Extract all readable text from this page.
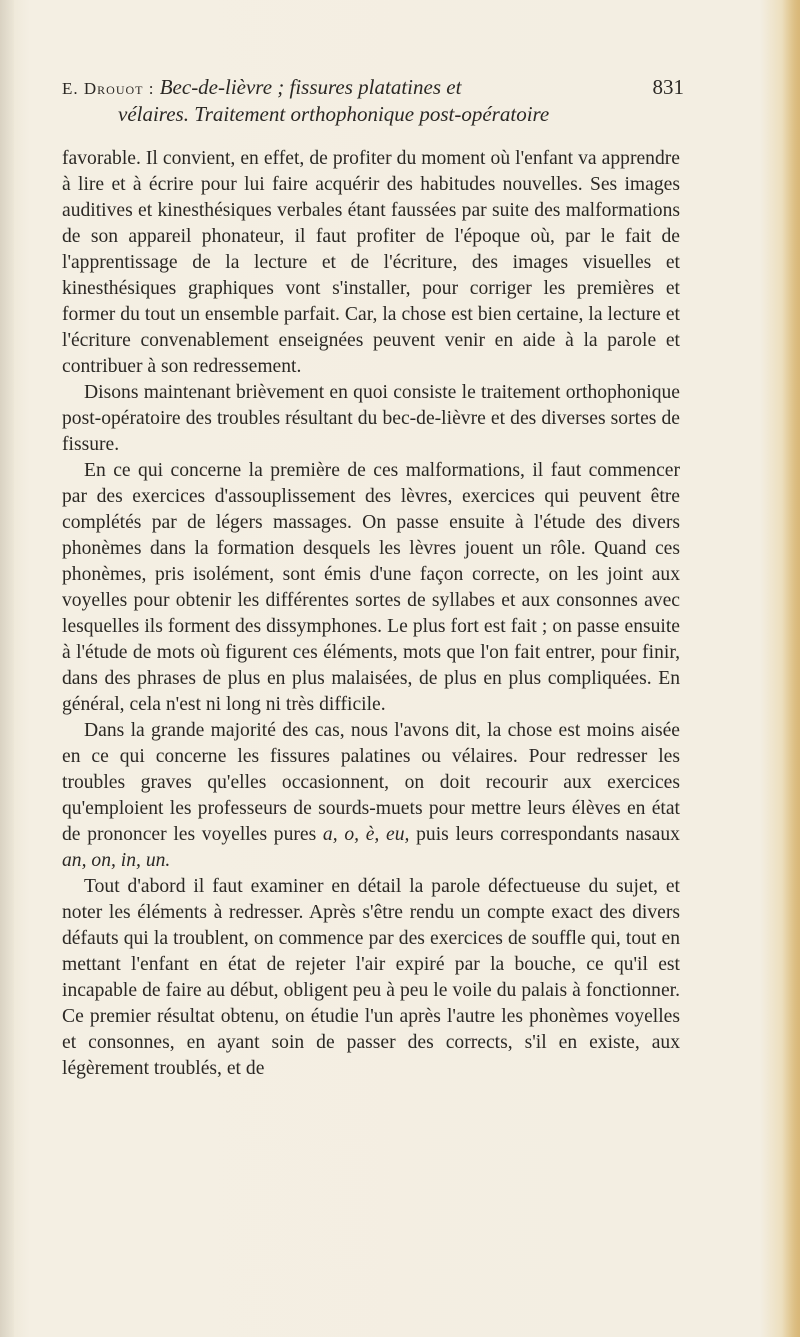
E. Drouot : Bec-de-lièvre ; fissures platatines et	831
vélaires. Traitement orthophonique post-opératoire

favorable. Il convient, en effet, de profiter du moment où l'enfant va apprendre à lire et à écrire pour lui faire acquérir des habitudes nouvelles. Ses images auditives et kinesthésiques verbales étant faussées par suite des malformations de son appareil phonateur, il faut profiter de l'époque où, par le fait de l'apprentissage de la lecture et de l'écriture, des images visuelles et kinesthésiques graphiques vont s'installer, pour corriger les premières et former du tout un ensemble parfait. Car, la chose est bien certaine, la lecture et l'écriture convenablement enseignées peuvent venir en aide à la parole et contribuer à son redressement.

Disons maintenant brièvement en quoi consiste le traitement orthophonique post-opératoire des troubles résultant du bec-de-lièvre et des diverses sortes de fissure.

En ce qui concerne la première de ces malformations, il faut commencer par des exercices d'assouplissement des lèvres, exercices qui peuvent être complétés par de légers massages. On passe ensuite à l'étude des divers phonèmes dans la formation desquels les lèvres jouent un rôle. Quand ces phonèmes, pris isolément, sont émis d'une façon correcte, on les joint aux voyelles pour obtenir les différentes sortes de syllabes et aux consonnes avec lesquelles ils forment des dissymphones. Le plus fort est fait ; on passe ensuite à l'étude de mots où figurent ces éléments, mots que l'on fait entrer, pour finir, dans des phrases de plus en plus malaisées, de plus en plus compliquées. En général, cela n'est ni long ni très difficile.

Dans la grande majorité des cas, nous l'avons dit, la chose est moins aisée en ce qui concerne les fissures palatines ou vélaires. Pour redresser les troubles graves qu'elles occasionnent, on doit recourir aux exercices qu'emploient les professeurs de sourds-muets pour mettre leurs élèves en état de prononcer les voyelles pures a, o, è, eu, puis leurs correspondants nasaux an, on, in, un.

Tout d'abord il faut examiner en détail la parole défectueuse du sujet, et noter les éléments à redresser. Après s'être rendu un compte exact des divers défauts qui la troublent, on commence par des exercices de souffle qui, tout en mettant l'enfant en état de rejeter l'air expiré par la bouche, ce qu'il est incapable de faire au début, obligent peu à peu le voile du palais à fonctionner. Ce premier résultat obtenu, on étudie l'un après l'autre les phonèmes voyelles et consonnes, en ayant soin de passer des corrects, s'il en existe, aux légèrement troublés, et de
